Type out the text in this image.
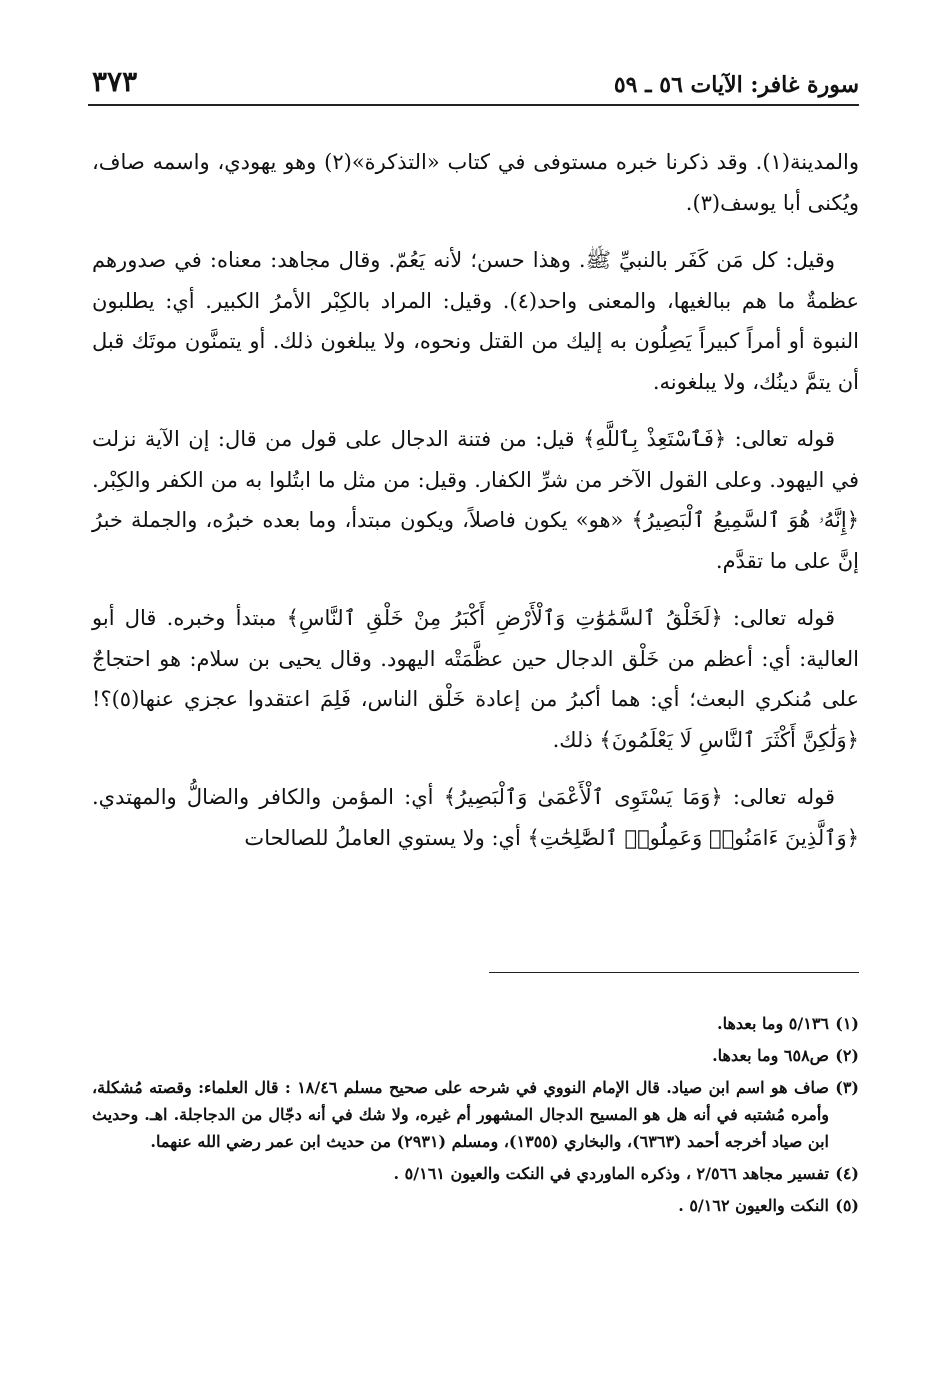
سورة غافر: الآيات ٥٦ ـ ٥٩
٣٧٣

والمدينة(١). وقد ذكرنا خبره مستوفى في كتاب «التذكرة»(٢) وهو يهودي، واسمه صاف، ويُكنى أبا يوسف(٣).

وقيل: كل مَن كَفَر بالنبيِّ ﷺ. وهذا حسن؛ لأنه يَعُمّ. وقال مجاهد: معناه: في صدورهم عظمةٌ ما هم ببالغيها، والمعنى واحد(٤). وقيل: المراد بالكِبْر الأمرُ الكبير. أي: يطلبون النبوة أو أمراً كبيراً يَصِلُون به إليك من القتل ونحوه، ولا يبلغون ذلك. أو يتمنَّون موتَك قبل أن يتمَّ دينُك، ولا يبلغونه.

قوله تعالى: ﴿فَٱسْتَعِذْ بِٱللَّهِ﴾ قيل: من فتنة الدجال على قول من قال: إن الآية نزلت في اليهود. وعلى القول الآخر من شرِّ الكفار. وقيل: من مثل ما ابتُلوا به من الكفر والكِبْر. ﴿إِنَّهُۥ هُوَ ٱلسَّمِيعُ ٱلْبَصِيرُ﴾ «هو» يكون فاصلاً، ويكون مبتدأ، وما بعده خبرُه، والجملة خبرُ إنَّ على ما تقدَّم.

قوله تعالى: ﴿لَخَلْقُ ٱلسَّمَٰوَٰتِ وَٱلْأَرْضِ أَكْبَرُ مِنْ خَلْقِ ٱلنَّاسِ﴾ مبتدأ وخبره. قال أبو العالية: أي: أعظم من خَلْق الدجال حين عظَّمَتْه اليهود. وقال يحيى بن سلام: هو احتجاجٌ على مُنكري البعث؛ أي: هما أكبرُ من إعادة خَلْق الناس، فَلِمَ اعتقدوا عجزي عنها(٥)؟! ﴿وَلَٰكِنَّ أَكْثَرَ ٱلنَّاسِ لَا يَعْلَمُونَ﴾ ذلك.

قوله تعالى: ﴿وَمَا يَسْتَوِى ٱلْأَعْمَىٰ وَٱلْبَصِيرُ﴾ أي: المؤمن والكافر والضالُّ والمهتدي. ﴿وَٱلَّذِينَ ءَامَنُوا۟ وَعَمِلُوا۟ ٱلصَّٰلِحَٰتِ﴾ أي: ولا يستوي العاملُ للصالحات

(١)
٥/١٣٦ وما بعدها.
(٢)
ص٦٥٨ وما بعدها.
(٣)
صاف هو اسم ابن صياد. قال الإمام النووي في شرحه على صحيح مسلم ١٨/٤٦ : قال العلماء: وقصته مُشكلة، وأمره مُشتبه في أنه هل هو المسيح الدجال المشهور أم غيره، ولا شك في أنه دجّال من الدجاجلة. اهـ. وحديث ابن صياد أخرجه أحمد (٦٣٦٣)، والبخاري (١٣٥٥)، ومسلم (٢٩٣١) من حديث ابن عمر رضي الله عنهما.
(٤)
تفسير مجاهد ٢/٥٦٦ ، وذكره الماوردي في النكت والعيون ٥/١٦١ .
(٥)
النكت والعيون ٥/١٦٢ .
